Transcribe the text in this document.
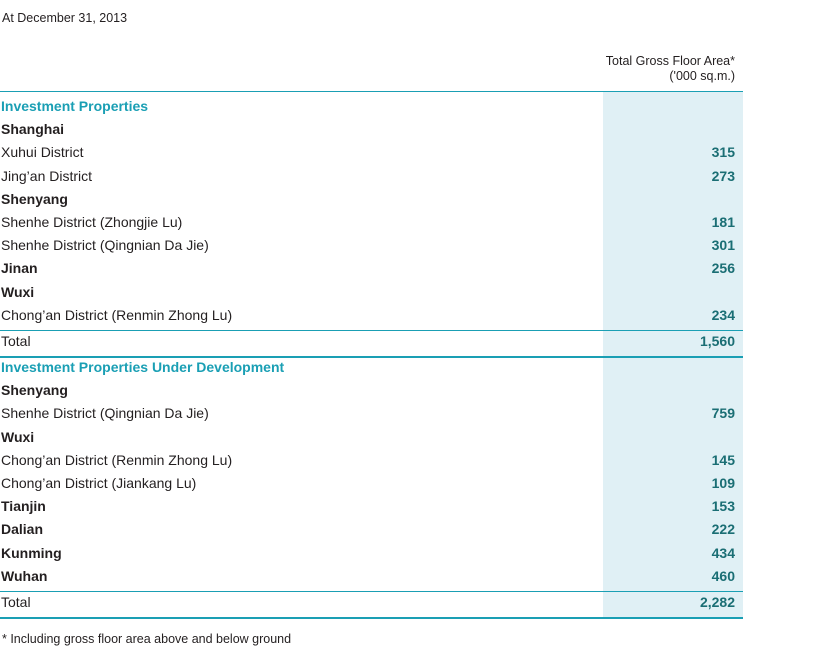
At December 31, 2013
Total Gross Floor Area*
('000 sq.m.)
Investment Properties
Shanghai
Xuhui District	315
Jing’an District	273
Shenyang
Shenhe District (Zhongjie Lu)	181
Shenhe District (Qingnian Da Jie)	301
Jinan	256
Wuxi
Chong’an District (Renmin Zhong Lu)	234
Total	1,560
Investment Properties Under Development
Shenyang
Shenhe District (Qingnian Da Jie)	759
Wuxi
Chong’an District (Renmin Zhong Lu)	145
Chong’an District (Jiankang Lu)	109
Tianjin	153
Dalian	222
Kunming	434
Wuhan	460
Total	2,282
* Including gross floor area above and below ground
